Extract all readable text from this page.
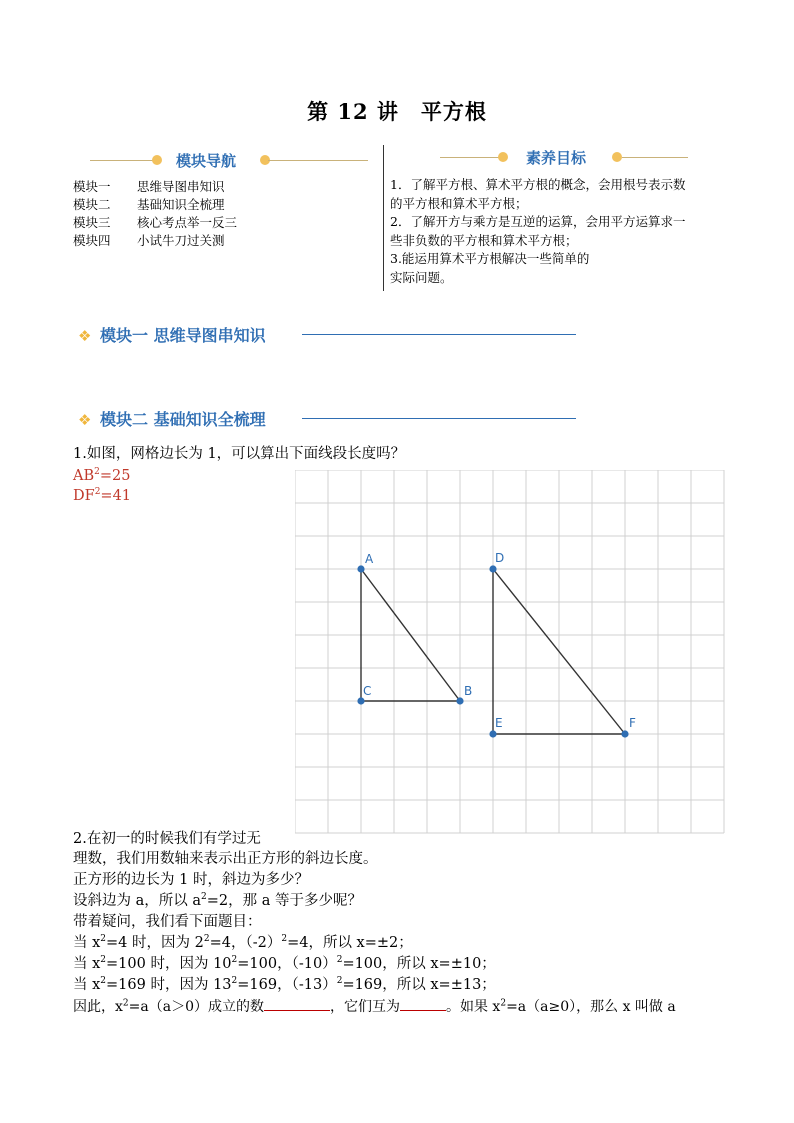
第 12 讲　平方根
模块导航
模块一 思维导图串知识
模块二 基础知识全梳理
模块三 核心考点举一反三
模块四 小试牛刀过关测
素养目标
1．了解平方根、算术平方根的概念，会用根号表示数
的平方根和算术平方根；
2．了解开方与乘方是互逆的运算，会用平方运算求一
些非负数的平方根和算术平方根；
3.能运用算术平方根解决一些简单的
实际问题。
❖ 模块一 思维导图串知识
❖ 模块二 基础知识全梳理
1.如图，网格边长为 1，可以算出下面线段长度吗？
$AB^2=25$
$DF^2=41$
A
B
C
D
E	F
2.在初一的时候我们有学过无
理数，我们用数轴来表示出正方形的斜边长度。
正方形的边长为 1 时，斜边为多少？
设斜边为 a，所以 $a^2=2$，那 a 等于多少呢？
带着疑问，我们看下面题目：
当 $x^2=4$ 时，因为 $2^2=4$，$(-2)^2=4$，所以 x=±2；
当 $x^2=100$ 时，因为 $10^2=100$，$(-10)^2=100$，所以 x=±10；
当 $x^2=169$ 时，因为 $13^2=169$，$(-13)^2=169$，所以 x=±13；
因此，$x^2=a(a>0)$成立的数	，它们互为	。如果 $x^2=a(a\ge 0)$，那么 x 叫做 a
